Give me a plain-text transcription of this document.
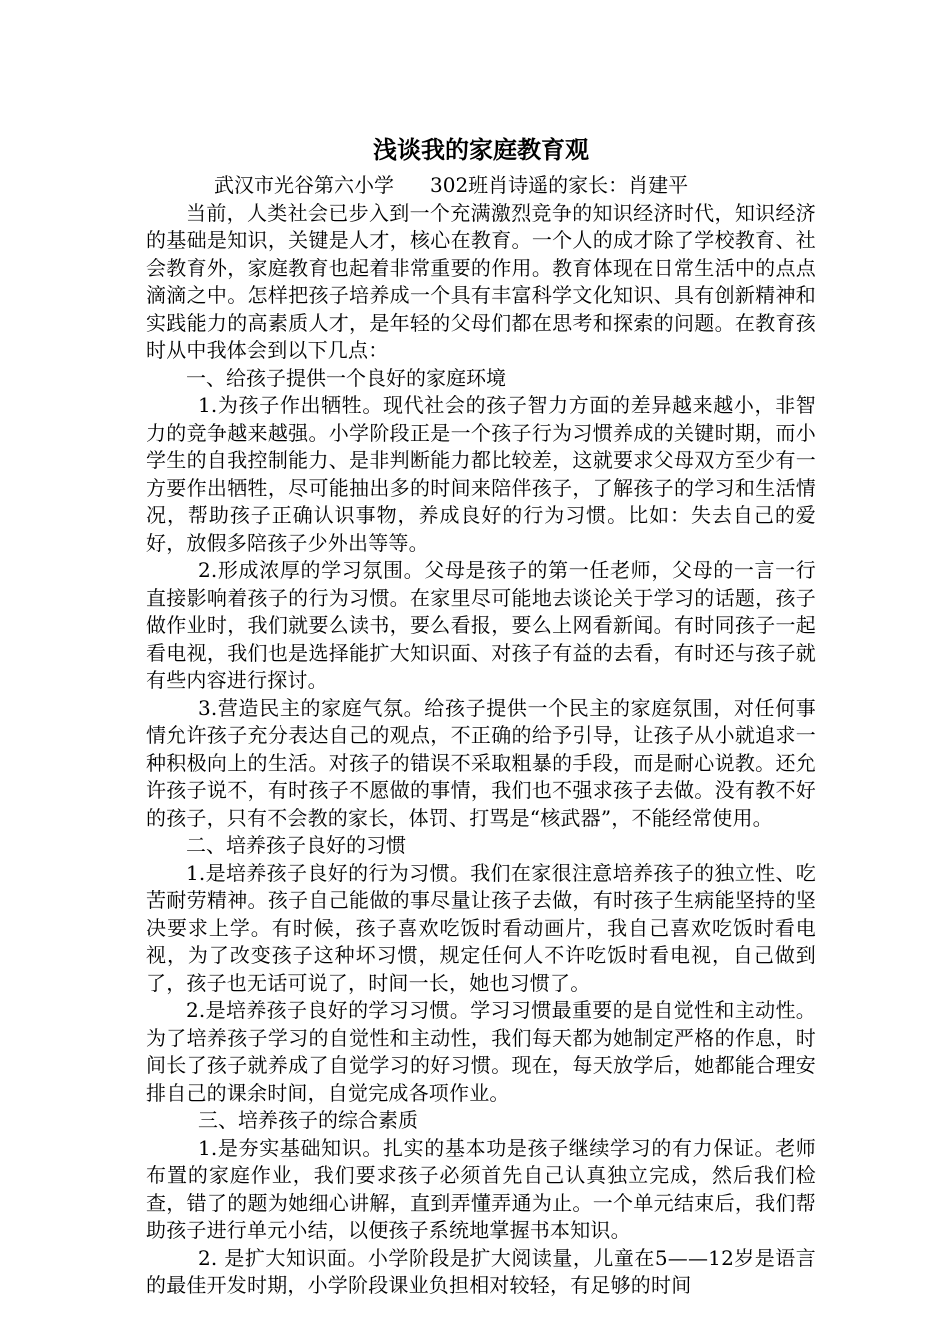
浅谈我的家庭教育观

武汉市光谷第六小学 302班肖诗遥的家长：肖建平

当前，人类社会已步入到一个充满激烈竞争的知识经济时代，知识经济的基础是知识，关键是人才，核心在教育。一个人的成才除了学校教育、社会教育外，家庭教育也起着非常重要的作用。教育体现在日常生活中的点点滴滴之中。怎样把孩子培养成一个具有丰富科学文化知识、具有创新精神和实践能力的高素质人才，是年轻的父母们都在思考和探索的问题。在教育孩时从中我体会到以下几点：

一、给孩子提供一个良好的家庭环境

1.为孩子作出牺牲。现代社会的孩子智力方面的差异越来越小，非智力的竞争越来越强。小学阶段正是一个孩子行为习惯养成的关键时期，而小学生的自我控制能力、是非判断能力都比较差，这就要求父母双方至少有一方要作出牺牲，尽可能抽出多的时间来陪伴孩子，了解孩子的学习和生活情况，帮助孩子正确认识事物，养成良好的行为习惯。比如：失去自己的爱好，放假多陪孩子少外出等等。

2.形成浓厚的学习氛围。父母是孩子的第一任老师，父母的一言一行直接影响着孩子的行为习惯。在家里尽可能地去谈论关于学习的话题，孩子做作业时，我们就要么读书，要么看报，要么上网看新闻。有时同孩子一起看电视，我们也是选择能扩大知识面、对孩子有益的去看，有时还与孩子就有些内容进行探讨。

3.营造民主的家庭气氛。给孩子提供一个民主的家庭氛围，对任何事情允许孩子充分表达自己的观点，不正确的给予引导，让孩子从小就追求一种积极向上的生活。对孩子的错误不采取粗暴的手段，而是耐心说教。还允许孩子说不，有时孩子不愿做的事情，我们也不强求孩子去做。没有教不好的孩子，只有不会教的家长，体罚、打骂是“核武器”，不能经常使用。

二、培养孩子良好的习惯

1.是培养孩子良好的行为习惯。我们在家很注意培养孩子的独立性、吃苦耐劳精神。孩子自己能做的事尽量让孩子去做，有时孩子生病能坚持的坚决要求上学。有时候，孩子喜欢吃饭时看动画片，我自己喜欢吃饭时看电视，为了改变孩子这种坏习惯，规定任何人不许吃饭时看电视，自己做到了，孩子也无话可说了，时间一长，她也习惯了。

2.是培养孩子良好的学习习惯。学习习惯最重要的是自觉性和主动性。为了培养孩子学习的自觉性和主动性，我们每天都为她制定严格的作息，时间长了孩子就养成了自觉学习的好习惯。现在，每天放学后，她都能合理安排自己的课余时间，自觉完成各项作业。

三、培养孩子的综合素质

1.是夯实基础知识。扎实的基本功是孩子继续学习的有力保证。老师布置的家庭作业，我们要求孩子必须首先自己认真独立完成，然后我们检查，错了的题为她细心讲解，直到弄懂弄通为止。一个单元结束后，我们帮助孩子进行单元小结，以便孩子系统地掌握书本知识。

2. 是扩大知识面。小学阶段是扩大阅读量，儿童在5——12岁是语言的最佳开发时期，小学阶段课业负担相对较轻，有足够的时间
